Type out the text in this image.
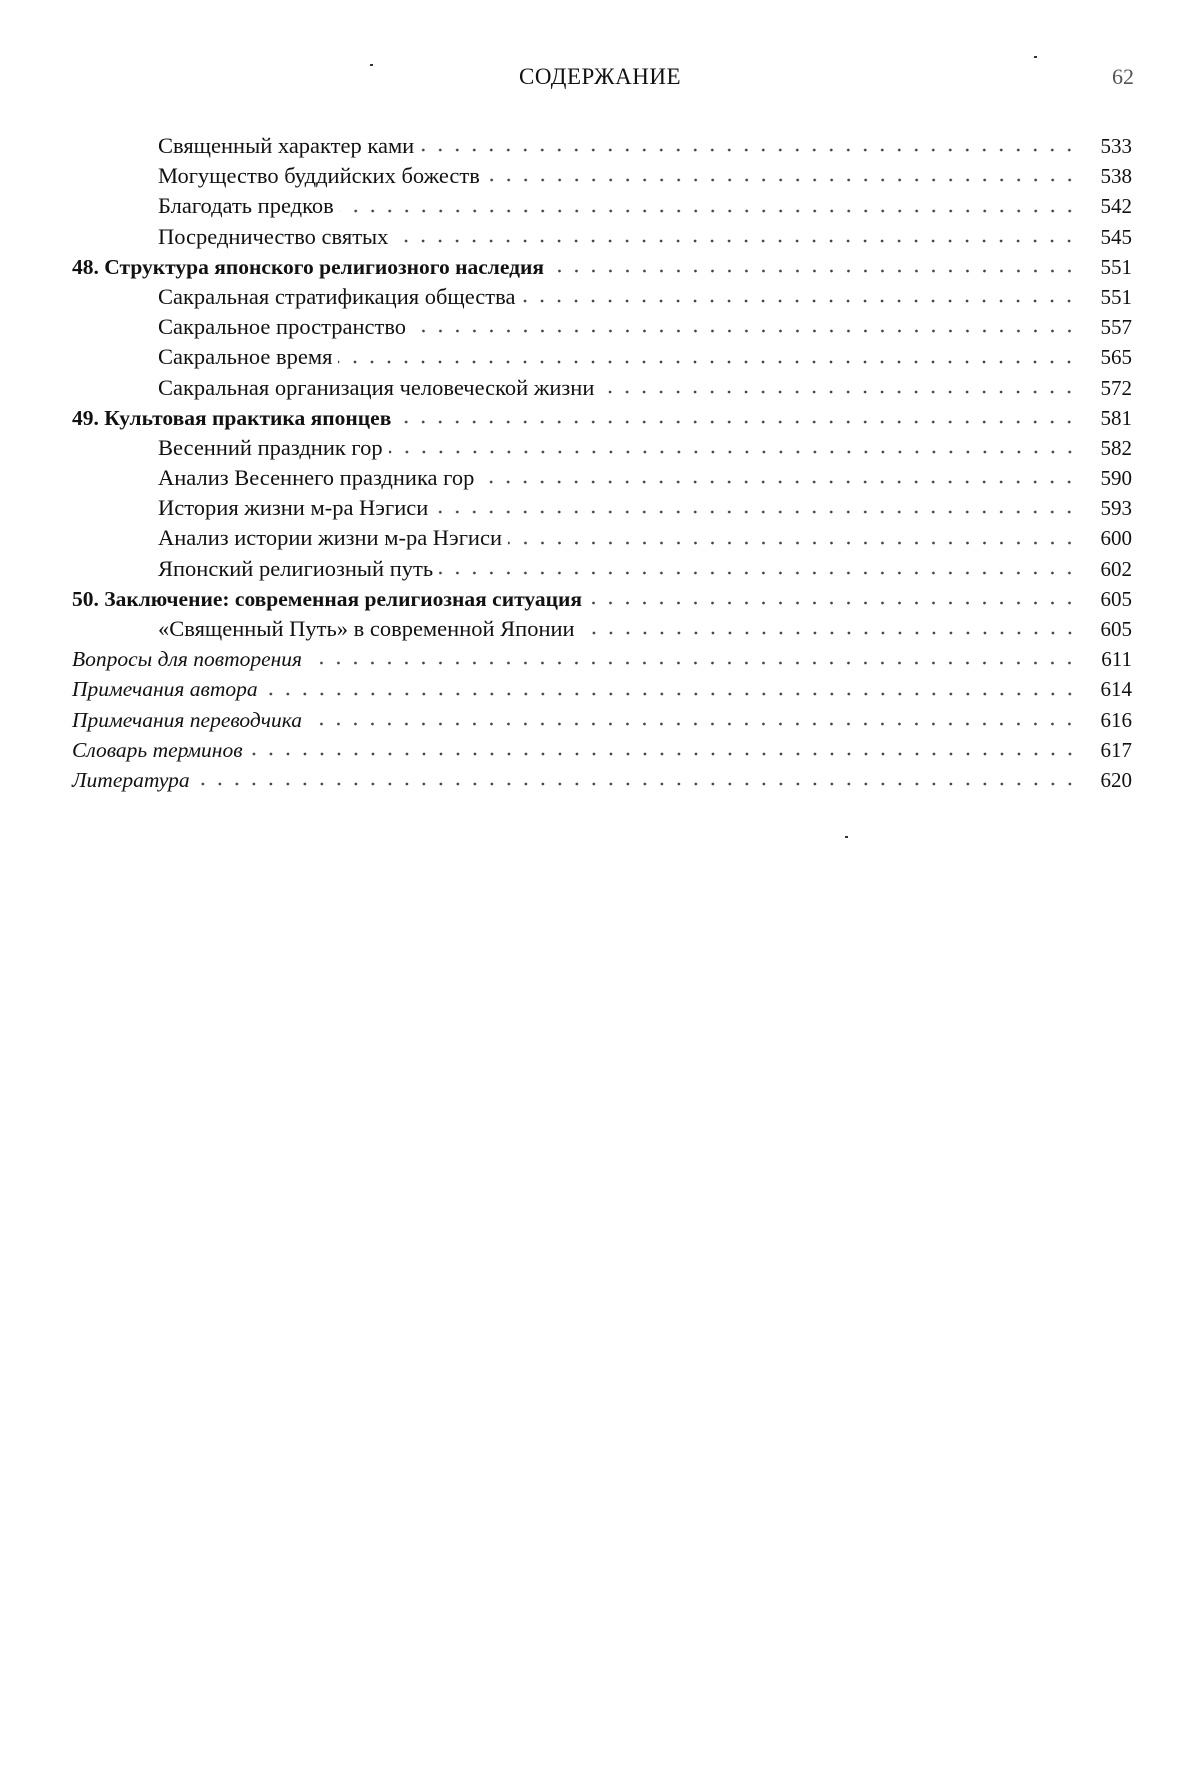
СОДЕРЖАНИЕ	62
Священный характер ками	533
Могущество буддийских божеств	538
Благодать предков	542
Посредничество святых	545
48. Структура японского религиозного наследия	551
Сакральная стратификация общества	551
Сакральное пространство	557
Сакральное время	565
Сакральная организация человеческой жизни	572
49. Культовая практика японцев	581
Весенний праздник гор	582
Анализ Весеннего праздника гор	590
История жизни м-ра Нэгиси	593
Анализ истории жизни м-ра Нэгиси	600
Японский религиозный путь	602
50. Заключение: современная религиозная ситуация	605
«Священный Путь» в современной Японии	605
Вопросы для повторения	611
Примечания автора	614
Примечания переводчика	616
Словарь терминов	617
Литература	620
